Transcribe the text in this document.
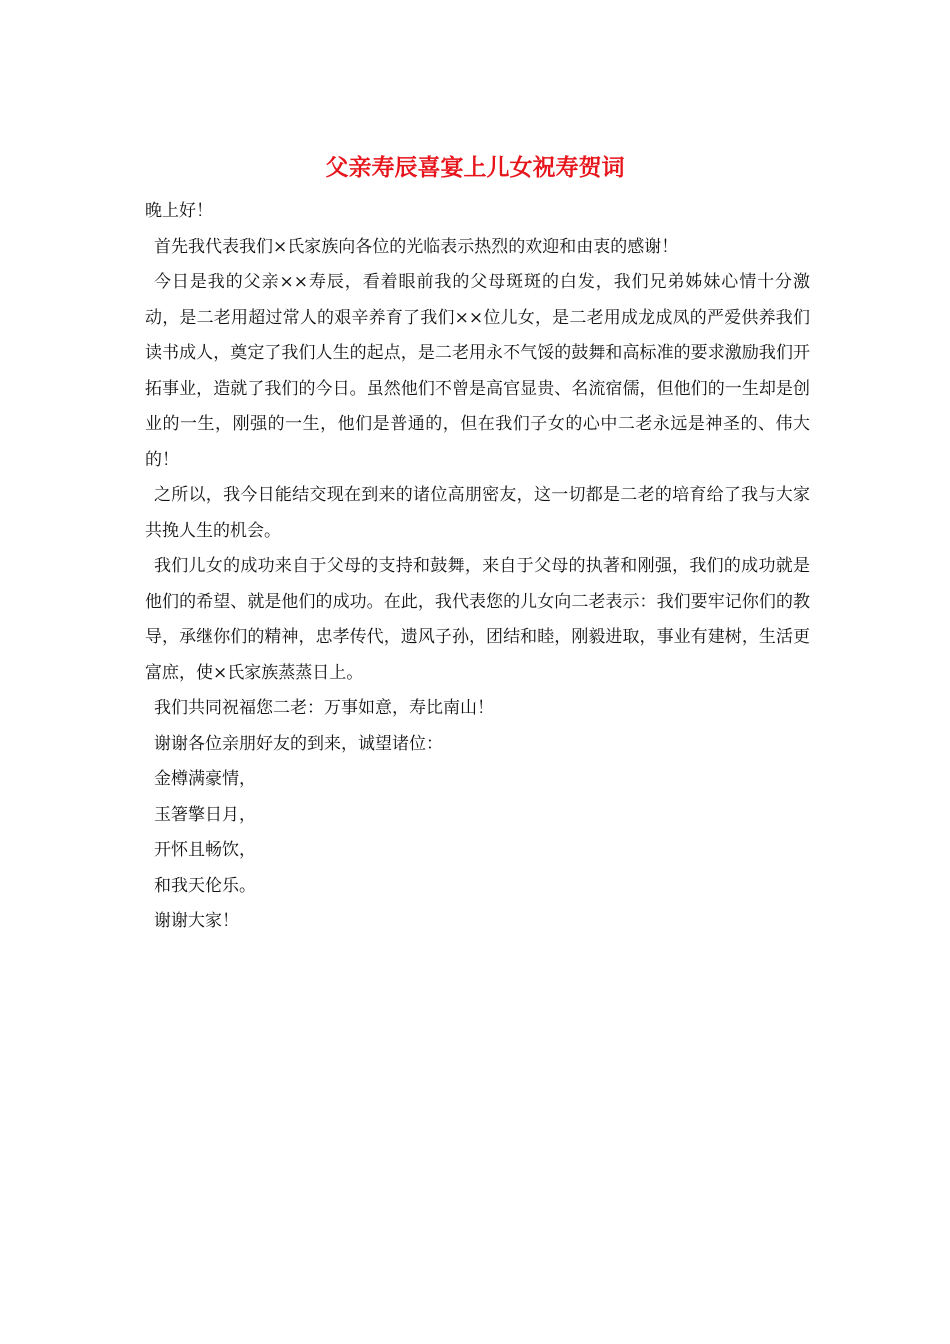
父亲寿辰喜宴上儿女祝寿贺词

晚上好！

首先我代表我们×氏家族向各位的光临表示热烈的欢迎和由衷的感谢！

今日是我的父亲××寿辰，看着眼前我的父母斑斑的白发，我们兄弟姊妹心情十分激动，是二老用超过常人的艰辛养育了我们××位儿女，是二老用成龙成凤的严爱供养我们读书成人，奠定了我们人生的起点，是二老用永不气馁的鼓舞和高标准的要求激励我们开拓事业，造就了我们的今日。虽然他们不曾是高官显贵、名流宿儒，但他们的一生却是创业的一生，刚强的一生，他们是普通的，但在我们子女的心中二老永远是神圣的、伟大的！

之所以，我今日能结交现在到来的诸位高朋密友，这一切都是二老的培育给了我与大家共挽人生的机会。

我们儿女的成功来自于父母的支持和鼓舞，来自于父母的执著和刚强，我们的成功就是他们的希望、就是他们的成功。在此，我代表您的儿女向二老表示：我们要牢记你们的教导，承继你们的精神，忠孝传代，遗风子孙，团结和睦，刚毅进取，事业有建树，生活更富庶，使×氏家族蒸蒸日上。

我们共同祝福您二老：万事如意，寿比南山！

谢谢各位亲朋好友的到来，诚望诸位：

金樽满豪情，

玉箸擎日月，

开怀且畅饮，

和我天伦乐。

谢谢大家！
